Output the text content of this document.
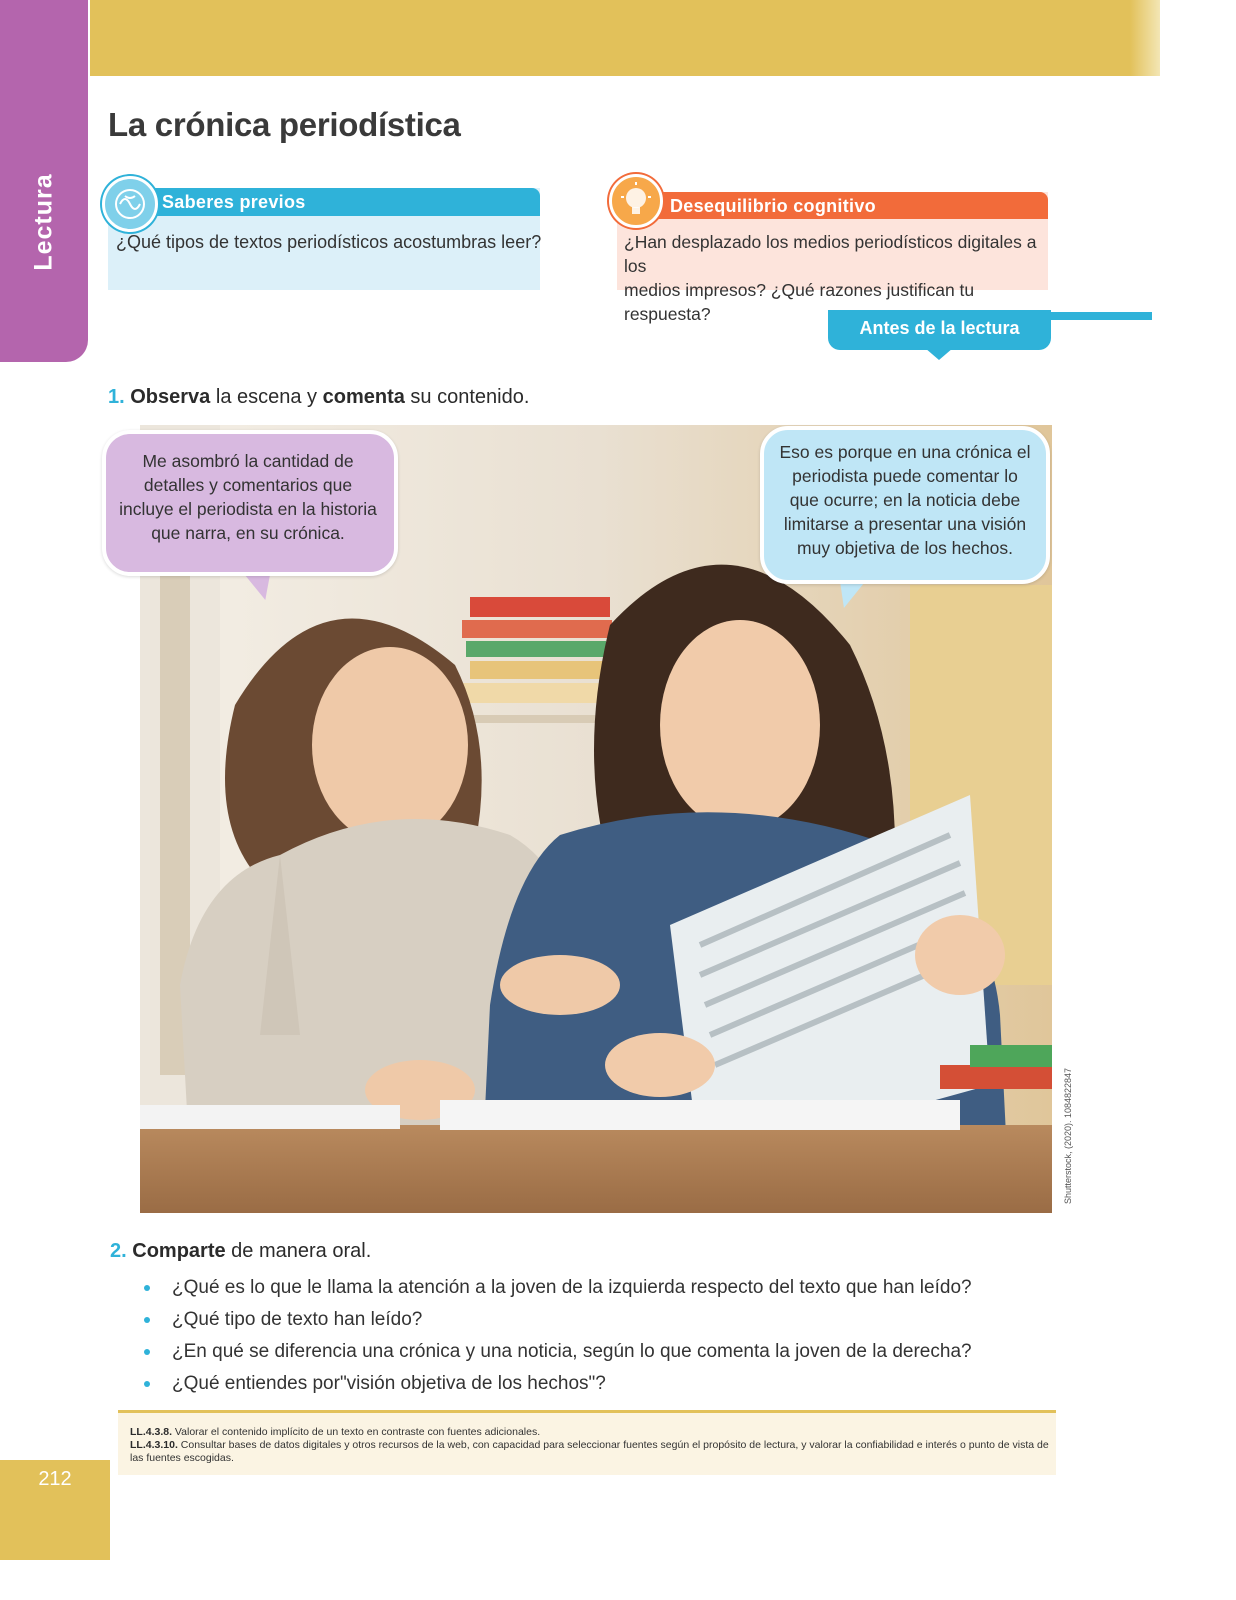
Lectura
La crónica periodística
Saberes previos
¿Qué tipos de textos periodísticos acostumbras leer?
Desequilibrio cognitivo
¿Han desplazado los medios periodísticos digitales a los
medios impresos? ¿Qué razones justifican tu respuesta?
Antes de la lectura
1. Observa la escena y comenta su contenido.
Me asombró la cantidad de
detalles y comentarios que
incluye el periodista en la historia
que narra, en su crónica.
Eso es porque en una crónica el
periodista puede comentar lo
que ocurre; en la noticia debe
limitarse a presentar una visión
muy objetiva de los hechos.
Shutterstock, (2020). 1084822847
2. Comparte de manera oral.
¿Qué es lo que le llama la atención a la joven de la izquierda respecto del texto que han leído?
¿Qué tipo de texto han leído?
¿En qué se diferencia una crónica y una noticia, según lo que comenta la joven de la derecha?
¿Qué entiendes por"visión objetiva de los hechos"?
LL.4.3.8. Valorar el contenido implícito de un texto en contraste con fuentes adicionales.
LL.4.3.10. Consultar bases de datos digitales y otros recursos de la web, con capacidad para seleccionar fuentes según el propósito de lectura, y valorar la confiabilidad e interés o punto de vista de las fuentes escogidas.
212
